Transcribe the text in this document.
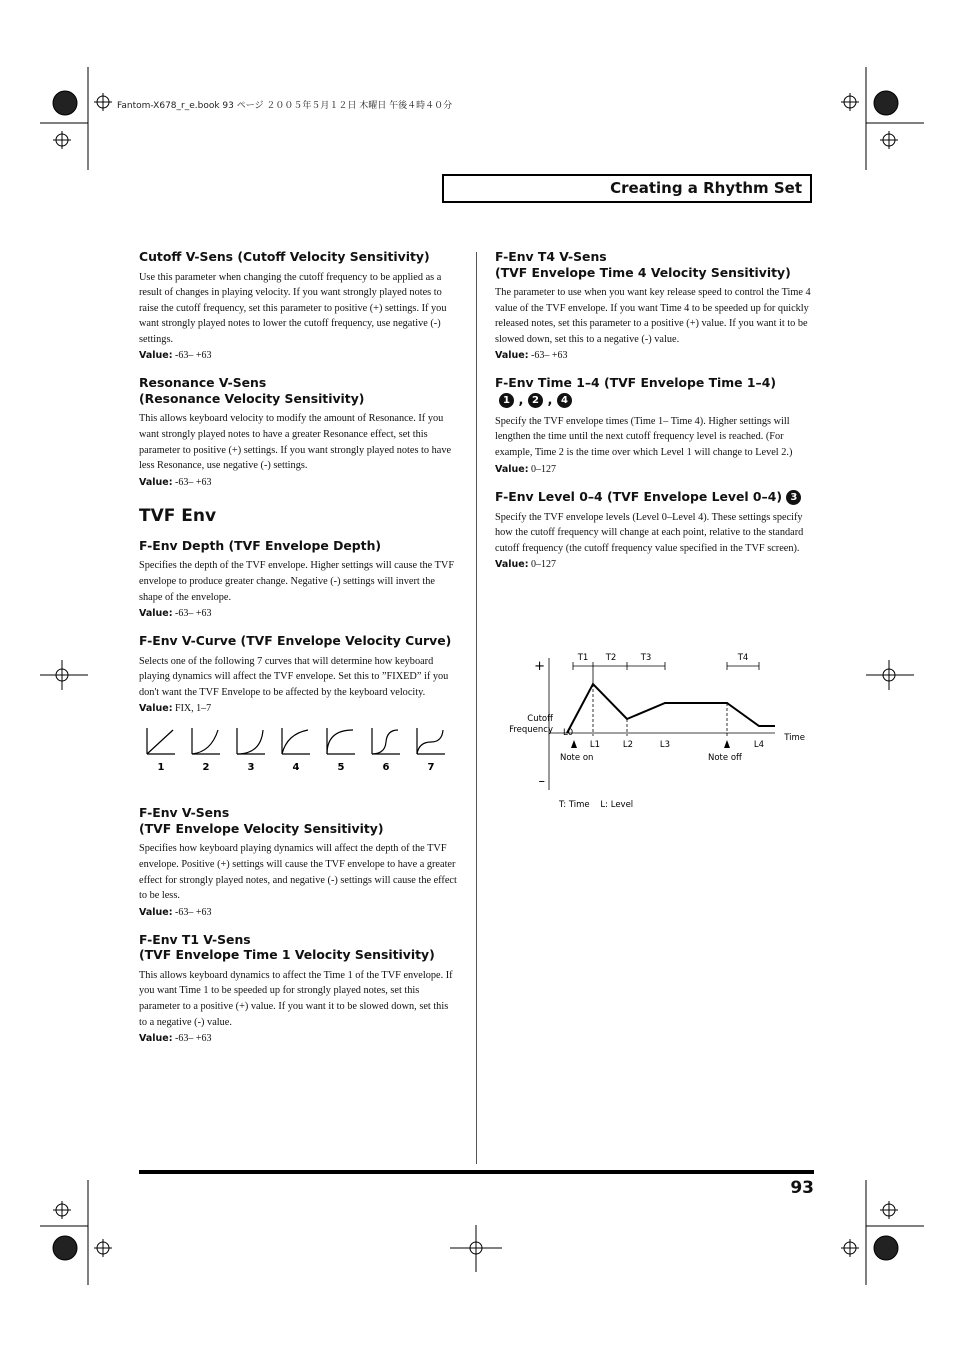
Fantom-X678_r_e.book 93 ページ ２００５年５月１２日 木曜日 午後４時４０分
Creating a Rhythm Set
Cutoff V-Sens (Cutoff Velocity Sensitivity)

Use this parameter when changing the cutoff frequency to be applied as a result of changes in playing velocity. If you want strongly played notes to raise the cutoff frequency, set this parameter to positive (+) settings. If you want strongly played notes to lower the cutoff frequency, use negative (-) settings.

Value: -63– +63
Resonance V-Sens
(Resonance Velocity Sensitivity)

This allows keyboard velocity to modify the amount of Resonance. If you want strongly played notes to have a greater Resonance effect, set this parameter to positive (+) settings. If you want strongly played notes to have less Resonance, use negative (-) settings.

Value: -63– +63
TVF Env
F-Env Depth (TVF Envelope Depth)

Specifies the depth of the TVF envelope. Higher settings will cause the TVF envelope to produce greater change. Negative (-) settings will invert the shape of the envelope.

Value: -63– +63
F-Env V-Curve (TVF Envelope Velocity Curve)

Selects one of the following 7 curves that will determine how keyboard playing dynamics will affect the TVF envelope. Set this to ”FIXED” if you don't want the TVF Envelope to be affected by the keyboard velocity.

Value: FIX, 1–7
1	2	3	4	5	6	7
F-Env V-Sens
(TVF Envelope Velocity Sensitivity)

Specifies how keyboard playing dynamics will affect the depth of the TVF envelope. Positive (+) settings will cause the TVF envelope to have a greater effect for strongly played notes, and negative (-) settings will cause the effect to be less.

Value: -63– +63
F-Env T1 V-Sens
(TVF Envelope Time 1 Velocity Sensitivity)

This allows keyboard dynamics to affect the Time 1 of the TVF envelope. If you want Time 1 to be speeded up for strongly played notes, set this parameter to a positive (+) value. If you want it to be slowed down, set this to a negative (-) value.

Value: -63– +63
F-Env T4 V-Sens
(TVF Envelope Time 4 Velocity Sensitivity)

The parameter to use when you want key release speed to control the Time 4 value of the TVF envelope. If you want Time 4 to be speeded up for quickly released notes, set this parameter to a positive (+) value. If you want it to be slowed down, set this to a negative (-) value.

Value: -63– +63
F-Env Time 1–4 (TVF Envelope Time 1–4)
1 , 2 , 4

Specify the TVF envelope times (Time 1– Time 4). Higher settings will lengthen the time until the next cutoff frequency level is reached. (For example, Time 2 is the time over which Level 1 will change to Level 2.)

Value: 0–127
F-Env Level 0–4 (TVF Envelope Level 0–4) 3

Specify the TVF envelope levels (Level 0–Level 4). These settings specify how the cutoff frequency will change at each point, relative to the standard cutoff frequency (the cutoff frequency value specified in the TVF screen).

Value: 0–127
+
–
Cutoff
Frequency
Time
T1 T2	T3	T4
L0
L1	L2	L3	L4
Note on	Note off
T: Time    L: Level
93
